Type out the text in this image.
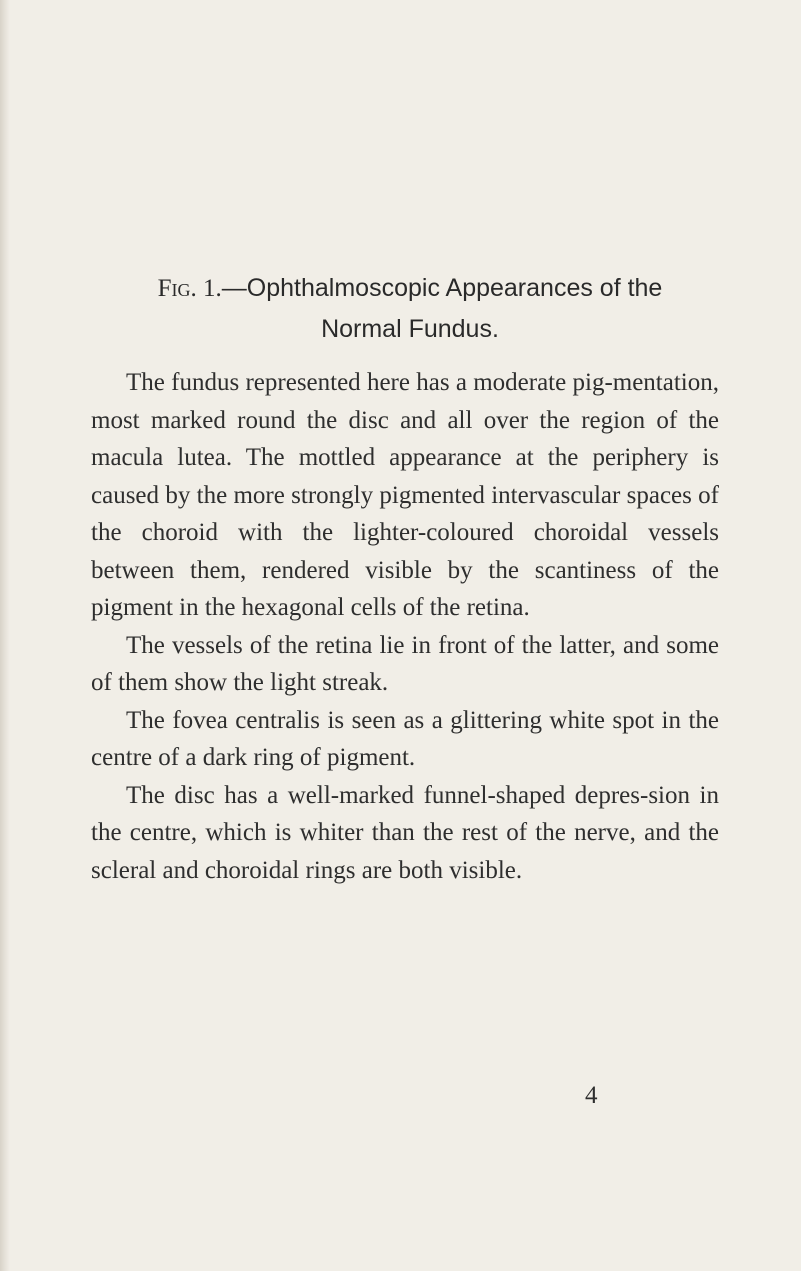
Fig. 1.—Ophthalmoscopic Appearances of the
Normal Fundus.

The fundus represented here has a moderate pig-mentation, most marked round the disc and all over the region of the macula lutea. The mottled appearance at the periphery is caused by the more strongly pigmented intervascular spaces of the choroid with the lighter-coloured choroidal vessels between them, rendered visible by the scantiness of the pigment in the hexagonal cells of the retina.

The vessels of the retina lie in front of the latter, and some of them show the light streak.

The fovea centralis is seen as a glittering white spot in the centre of a dark ring of pigment.

The disc has a well-marked funnel-shaped depres-sion in the centre, which is whiter than the rest of the nerve, and the scleral and choroidal rings are both visible.

4
